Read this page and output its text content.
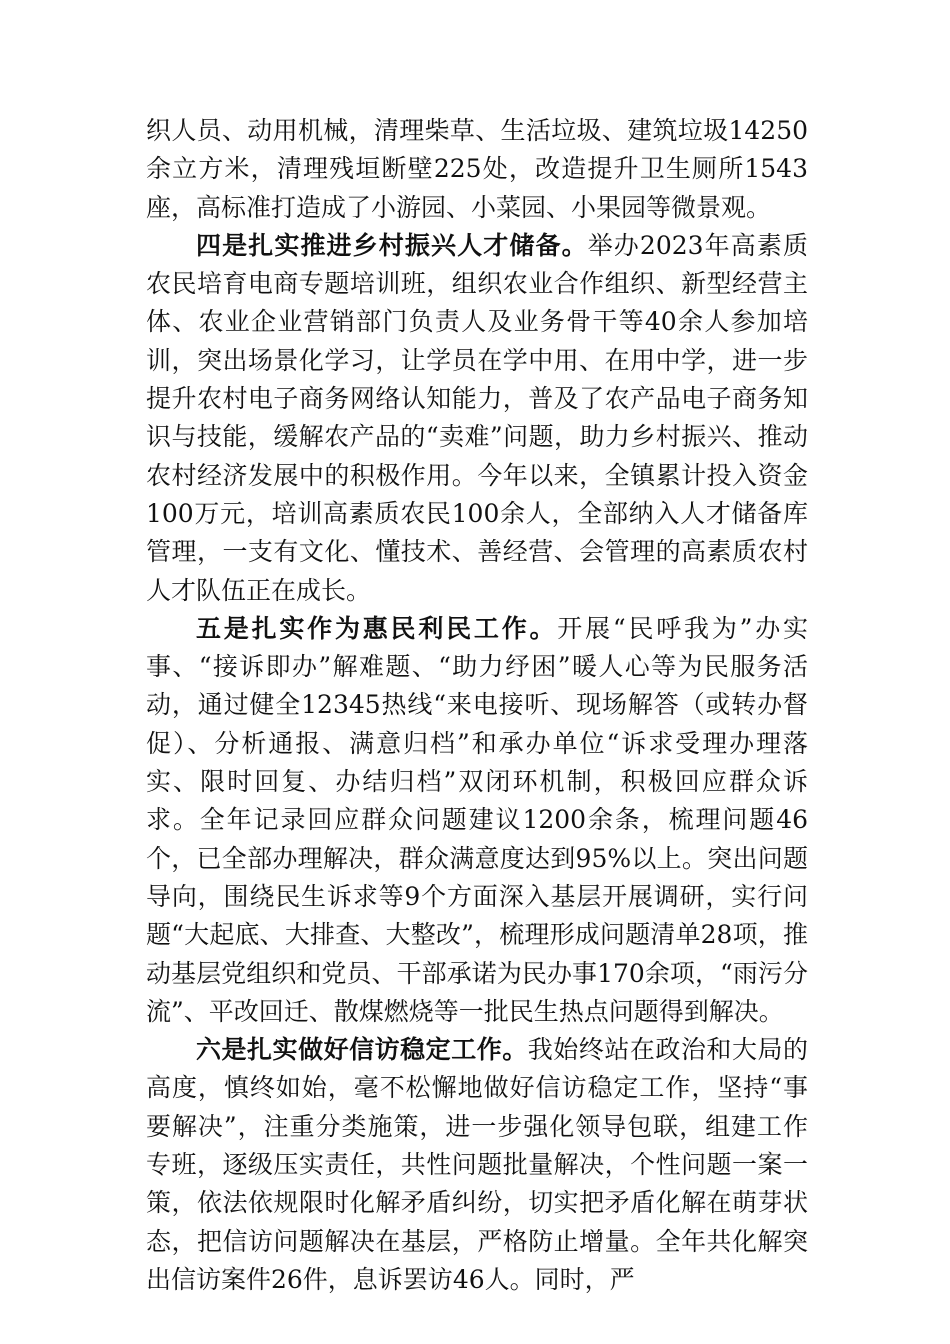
织人员、动用机械，清理柴草、生活垃圾、建筑垃圾14250余立方米，清理残垣断壁225处，改造提升卫生厕所1543座，高标准打造成了小游园、小菜园、小果园等微景观。

四是扎实推进乡村振兴人才储备。举办2023年高素质农民培育电商专题培训班，组织农业合作组织、新型经营主体、农业企业营销部门负责人及业务骨干等40余人参加培训，突出场景化学习，让学员在学中用、在用中学，进一步提升农村电子商务网络认知能力，普及了农产品电子商务知识与技能，缓解农产品的“卖难”问题，助力乡村振兴、推动农村经济发展中的积极作用。今年以来，全镇累计投入资金100万元，培训高素质农民100余人，全部纳入人才储备库管理，一支有文化、懂技术、善经营、会管理的高素质农村人才队伍正在成长。

五是扎实作为惠民利民工作。开展“民呼我为”办实事、“接诉即办”解难题、“助力纾困”暖人心等为民服务活动，通过健全12345热线“来电接听、现场解答（或转办督促）、分析通报、满意归档”和承办单位“诉求受理办理落实、限时回复、办结归档”双闭环机制，积极回应群众诉求。全年记录回应群众问题建议1200余条，梳理问题46个，已全部办理解决，群众满意度达到95%以上。突出问题导向，围绕民生诉求等9个方面深入基层开展调研，实行问题“大起底、大排查、大整改”，梳理形成问题清单28项，推动基层党组织和党员、干部承诺为民办事170余项，“雨污分流”、平改回迁、散煤燃烧等一批民生热点问题得到解决。

六是扎实做好信访稳定工作。我始终站在政治和大局的高度，慎终如始，毫不松懈地做好信访稳定工作，坚持“事要解决”，注重分类施策，进一步强化领导包联，组建工作专班，逐级压实责任，共性问题批量解决，个性问题一案一策，依法依规限时化解矛盾纠纷，切实把矛盾化解在萌芽状态，把信访问题解决在基层，严格防止增量。全年共化解突出信访案件26件，息诉罢访46人。同时，严
